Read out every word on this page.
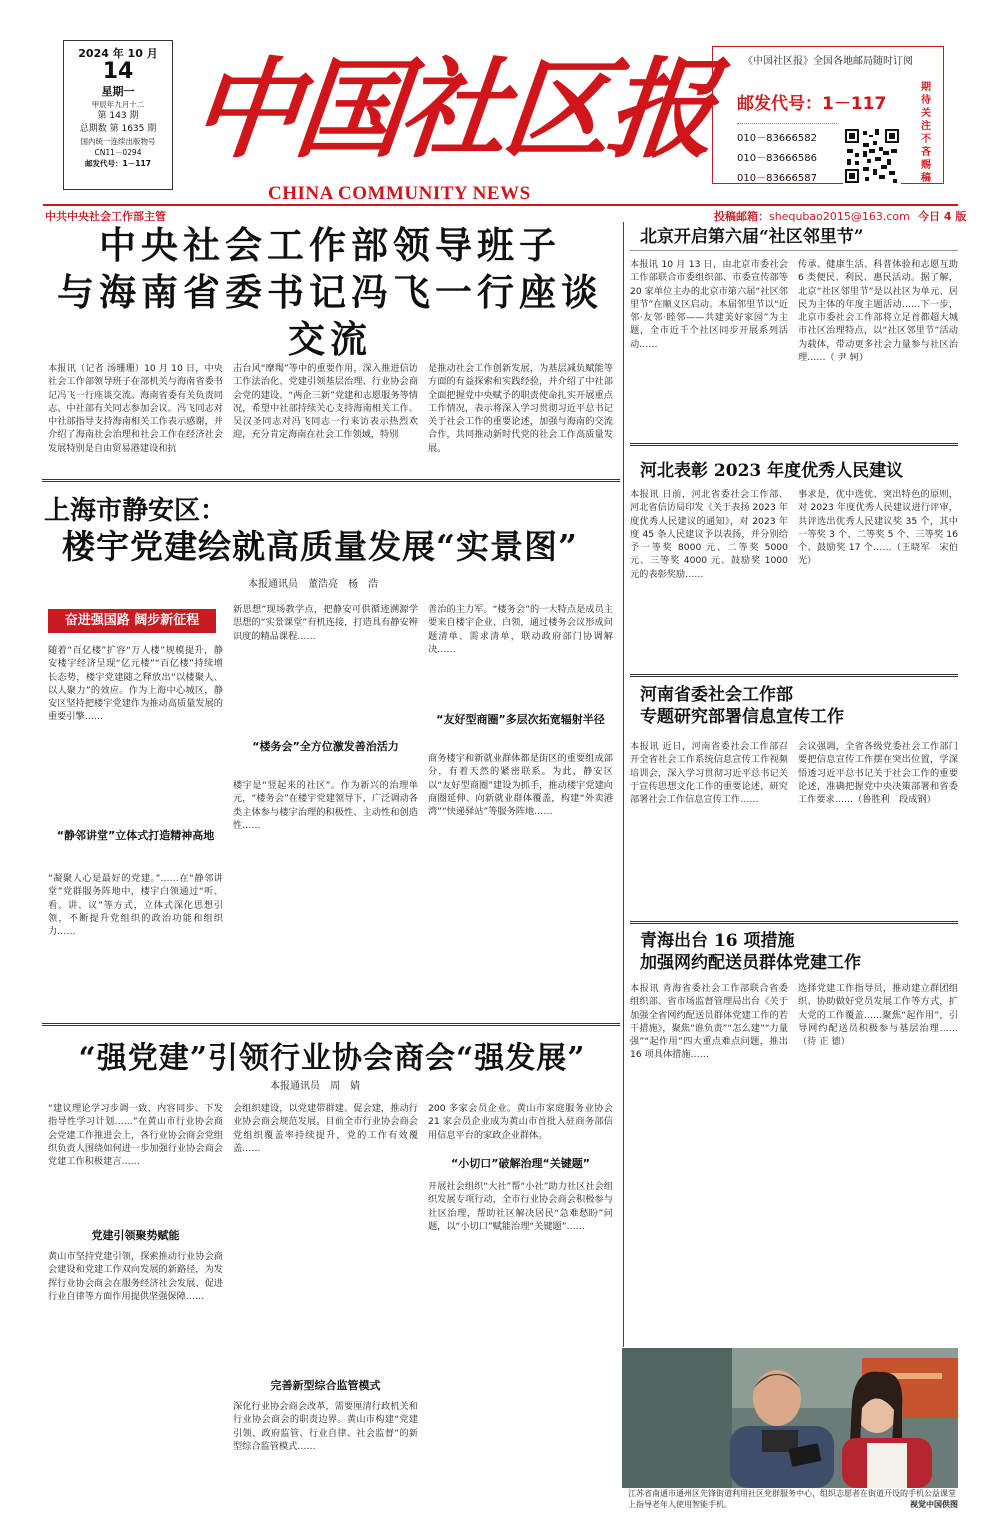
2024 年 10 月
14
星期一
甲辰年九月十二
第 143 期
总期数 第 1635 期
国内统一连续出版物号
CN11－0294
邮发代号：1－117 中国社区报
CHINA COMMUNITY NEWS
《中国社区报》全国各地邮局随时订阅
邮发代号：1－117
010－83666582
010－83666586
010－83666587
期待关注 不吝赐稿
中共中央社会工作部主管	投稿邮箱：shequbao2015@163.com 今日 4 版
中央社会工作部领导班子
与海南省委书记冯飞一行座谈交流
本报讯（记者 汤珊珊）10 月 10 日，中央社会工作部领导班子在部机关与海南省委书记冯飞一行座谈交流。海南省委有关负责同志、中社部有关同志参加会议。冯飞同志对中社部指导支持海南相关工作表示感谢，并介绍了海南社会治理和社会工作在经济社会发展特别是自由贸易港建设和抗
击台风“摩羯”等中的重要作用，深入推进信访工作法治化、党建引领基层治理、行业协会商会党的建设、“两企三新”党建和志愿服务等情况，希望中社部持续关心支持海南相关工作。吴汉圣同志对冯飞同志一行来访表示热烈欢迎，充分肯定海南在社会工作领域，特别
是推动社会工作创新发展，为基层减负赋能等方面的有益探索和实践经验，并介绍了中社部全面把握党中央赋予的职责使命扎实开展重点工作情况，表示将深入学习贯彻习近平总书记关于社会工作的重要论述，加强与海南的交流合作，共同推动新时代党的社会工作高质量发展。
上海市静安区：
楼宇党建绘就高质量发展“实景图”
本报通讯员　董浩亮　杨　浩
奋进强国路 阔步新征程
随着“百亿楼”扩容“万人楼”规模提升，静安楼宇经济呈现“亿元楼”“百亿楼”持续增长态势，楼宇党建随之释放出“以楼聚人、以人聚力”的效应。作为上海中心城区，静安区坚持把楼宇党建作为推动高质量发展的重要引擎……
“静邻讲堂”立体式打造精神高地
“凝聚人心是最好的党建。”……在“静邻讲堂”党群服务阵地中，楼宇白领通过“听、看、讲、议”等方式，立体式深化思想引领，不断提升党组织的政治功能和组织力……
新思想”现场教学点，把静安可供循迹溯源学思想的“实景课堂”有机连接，打造具有静安辨识度的精品课程……
“楼务会”全方位激发善治活力
楼宇是“竖起来的社区”。作为新兴的治理单元，“楼务会”在楼宇党建领导下，广泛调动各类主体参与楼宇治理的积极性、主动性和创造性……
善治的主力军。“楼务会”的一大特点是成员主要来自楼宇企业、白领，通过楼务会议形成问题清单、需求清单，联动政府部门协调解决……
“友好型商圈”多层次拓宽辐射半径
商务楼宇和新就业群体都是街区的重要组成部分，有着天然的紧密联系。为此，静安区以“友好型商圈”建设为抓手，推动楼宇党建向商圈延伸、向新就业群体覆盖，构建“外卖港湾”“快递驿站”等服务阵地……
“强党建”引领行业协会商会“强发展”
本报通讯员　周　婧
“建议理论学习步调一致、内容同步、下发指导性学习计划……”在黄山市行业协会商会党建工作推进会上，各行业协会商会党组织负责人围绕如何进一步加强行业协会商会党建工作积极建言……
党建引领聚势赋能
黄山市坚持党建引领，探索推动行业协会商会建设和党建工作双向发展的新路径，为发挥行业协会商会在服务经济社会发展、促进行业自律等方面作用提供坚强保障……
会组织建设，以党建带群建、促会建，推动行业协会商会规范发展。目前全市行业协会商会党组织覆盖率持续提升，党的工作有效覆盖……
完善新型综合监管模式
深化行业协会商会改革，需要厘清行政机关和行业协会商会的职责边界。黄山市构建“党建引领、政府监管、行业自律、社会监督”的新型综合监管模式……
200 多家会员企业。黄山市家庭服务业协会 21 家会员企业成为黄山市首批入驻商务部信用信息平台的家政企业群体。
“小切口”破解治理“关键题”
开展社会组织“大社”帮“小社”助力社区社会组织发展专项行动，全市行业协会商会积极参与社区治理，帮助社区解决居民“急难愁盼”问题，以“小切口”赋能治理“关键题”……
北京开启第六届“社区邻里节”
本报讯 10 月 13 日，由北京市委社会工作部联合市委组织部、市委宣传部等 20 家单位主办的北京市第六届“社区邻里节”在顺义区启动。本届邻里节以“近邻·友邻·睦邻——共建美好家园”为主题，全市近千个社区同步开展系列活动……
传承、健康生活、科普体验和志愿互助 6 类便民、利民、惠民活动。据了解，北京“社区邻里节”是以社区为单元、居民为主体的年度主题活动……下一步，北京市委社会工作部将立足首都超大城市社区治理特点，以“社区邻里节”活动为载体，带动更多社会力量参与社区治理……（ 尹 轲）
河北表彰 2023 年度优秀人民建议
本报讯 日前，河北省委社会工作部、河北省信访局印发《关于表扬 2023 年度优秀人民建议的通知》，对 2023 年度 45 条人民建议予以表扬，并分别给予一等奖 8000 元、二等奖 5000 元、三等奖 4000 元、鼓励奖 1000 元的表彰奖励……
事求是，优中选优、突出特色的原则，对 2023 年度优秀人民建议进行评审，共评选出优秀人民建议奖 35 个，其中一等奖 3 个、二等奖 5 个、三等奖 16 个、鼓励奖 17 个……（王晓军　宋伯光）
河南省委社会工作部
专题研究部署信息宣传工作
本报讯 近日，河南省委社会工作部召开全省社会工作系统信息宣传工作视频培训会，深入学习贯彻习近平总书记关于宣传思想文化工作的重要论述，研究部署社会工作信息宣传工作……
会议强调，全省各级党委社会工作部门要把信息宣传工作摆在突出位置，学深悟透习近平总书记关于社会工作的重要论述，准确把握党中央决策部署和省委工作要求……（鲁胜利　段成钢）
青海出台 16 项措施
加强网约配送员群体党建工作
本报讯 青海省委社会工作部联合省委组织部、省市场监督管理局出台《关于加强全省网约配送员群体党建工作的若干措施》，聚焦“谁负责”“怎么建”“力量强”“起作用”四大重点难点问题，推出 16 项具体措施……
选择党建工作指导员，推动建立群团组织、协助做好党员发展工作等方式，扩大党的工作覆盖……聚焦“起作用”，引导网约配送员积极参与基层治理……（待 正 德）
江苏省南通市通州区先锋街道利用社区党群服务中心，组织志愿者在街道开设的手机公益课堂上指导老年人使用智能手机。	视觉中国供图
